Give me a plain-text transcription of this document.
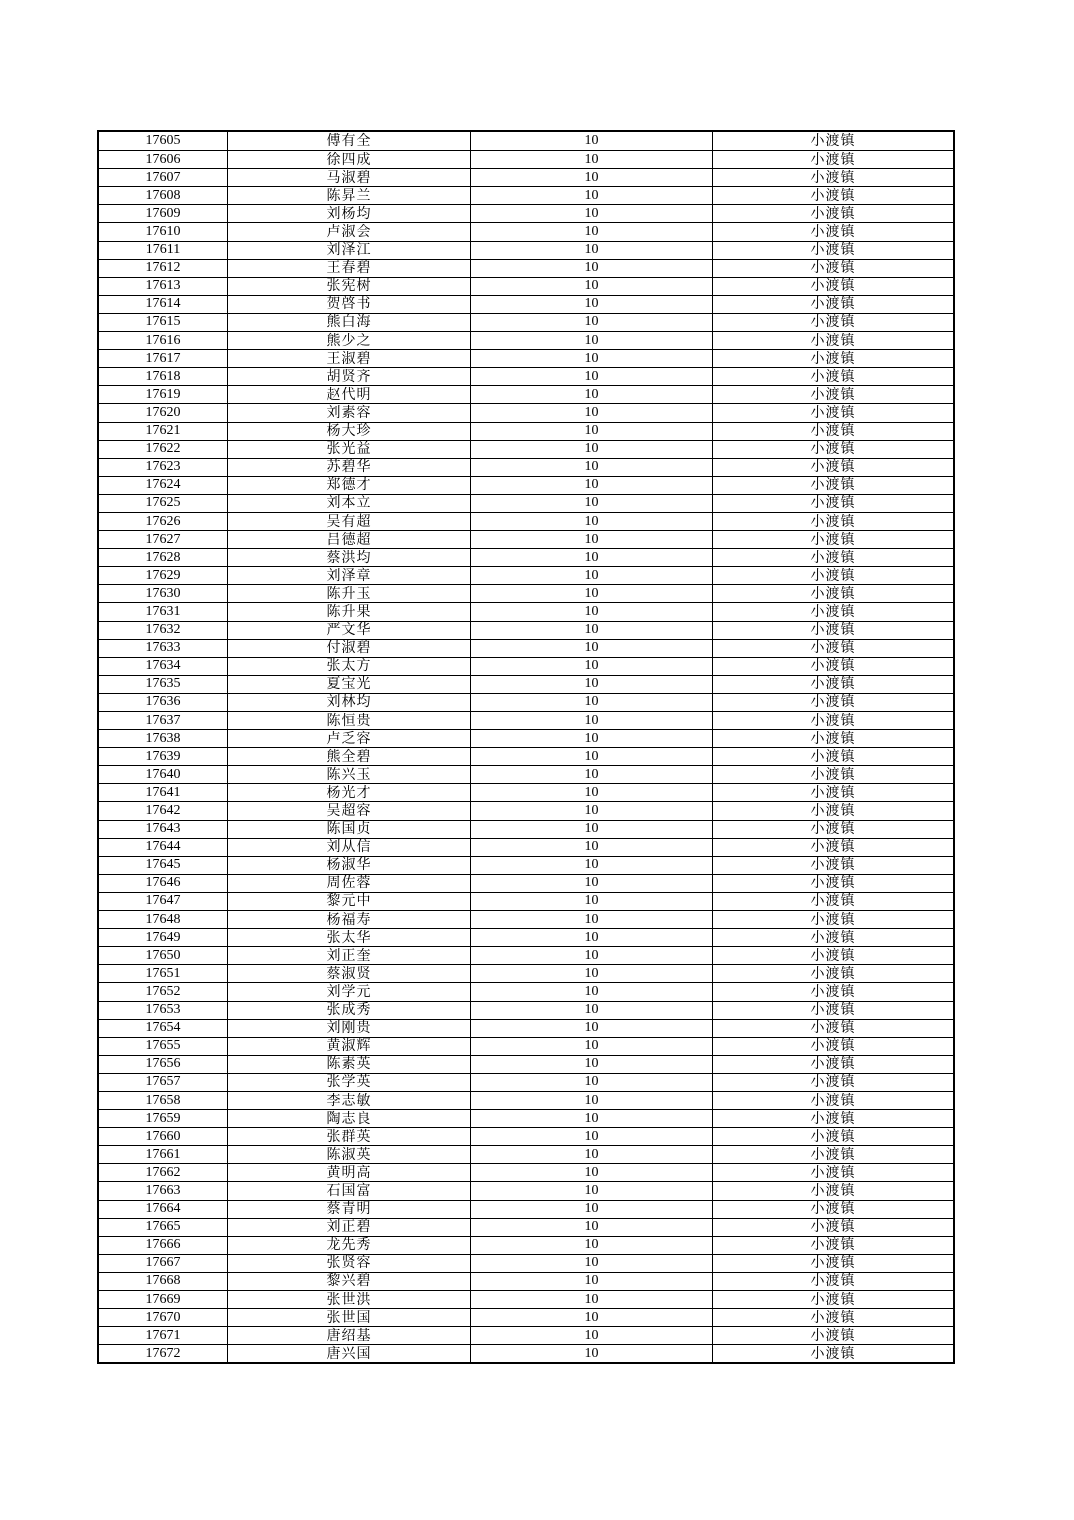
17605	傅有全	10	小渡镇
17606	徐四成	10	小渡镇
17607	马淑碧	10	小渡镇
17608	陈昇兰	10	小渡镇
17609	刘杨均	10	小渡镇
17610	卢淑会	10	小渡镇
17611	刘泽江	10	小渡镇
17612	王春碧	10	小渡镇
17613	张宪树	10	小渡镇
17614	贺啓书	10	小渡镇
17615	熊白海	10	小渡镇
17616	熊少之	10	小渡镇
17617	王淑碧	10	小渡镇
17618	胡贤齐	10	小渡镇
17619	赵代明	10	小渡镇
17620	刘素容	10	小渡镇
17621	杨大珍	10	小渡镇
17622	张光益	10	小渡镇
17623	苏碧华	10	小渡镇
17624	郑德才	10	小渡镇
17625	刘本立	10	小渡镇
17626	吴有超	10	小渡镇
17627	吕德超	10	小渡镇
17628	蔡洪均	10	小渡镇
17629	刘泽章	10	小渡镇
17630	陈升玉	10	小渡镇
17631	陈升果	10	小渡镇
17632	严文华	10	小渡镇
17633	付淑碧	10	小渡镇
17634	张太方	10	小渡镇
17635	夏宝光	10	小渡镇
17636	刘林均	10	小渡镇
17637	陈恒贵	10	小渡镇
17638	卢乏容	10	小渡镇
17639	熊全碧	10	小渡镇
17640	陈兴玉	10	小渡镇
17641	杨光才	10	小渡镇
17642	吴超容	10	小渡镇
17643	陈国贞	10	小渡镇
17644	刘从信	10	小渡镇
17645	杨淑华	10	小渡镇
17646	周佐蓉	10	小渡镇
17647	黎元中	10	小渡镇
17648	杨福寿	10	小渡镇
17649	张太华	10	小渡镇
17650	刘正奎	10	小渡镇
17651	蔡淑贤	10	小渡镇
17652	刘学元	10	小渡镇
17653	张成秀	10	小渡镇
17654	刘刚贵	10	小渡镇
17655	黄淑辉	10	小渡镇
17656	陈素英	10	小渡镇
17657	张学英	10	小渡镇
17658	李志敏	10	小渡镇
17659	陶志良	10	小渡镇
17660	张群英	10	小渡镇
17661	陈淑英	10	小渡镇
17662	黄明高	10	小渡镇
17663	石国富	10	小渡镇
17664	蔡青明	10	小渡镇
17665	刘正碧	10	小渡镇
17666	龙先秀	10	小渡镇
17667	张贤容	10	小渡镇
17668	黎兴碧	10	小渡镇
17669	张世洪	10	小渡镇
17670	张世国	10	小渡镇
17671	唐绍基	10	小渡镇
17672	唐兴国	10	小渡镇
